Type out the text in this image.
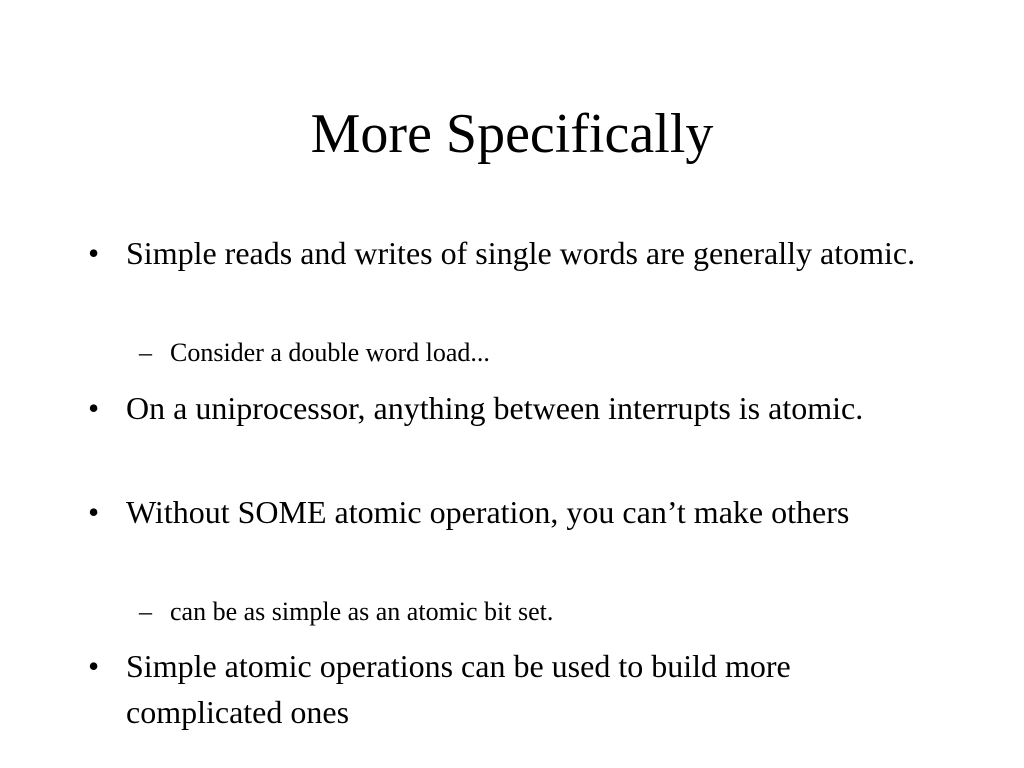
More Specifically
• Simple reads and writes of single words are generally atomic.
– Consider a double word load...
• On a uniprocessor, anything between interrupts is atomic.
• Without SOME atomic operation, you can’t make others
– can be as simple as an atomic bit set.
• Simple atomic operations can be used to build more complicated ones
